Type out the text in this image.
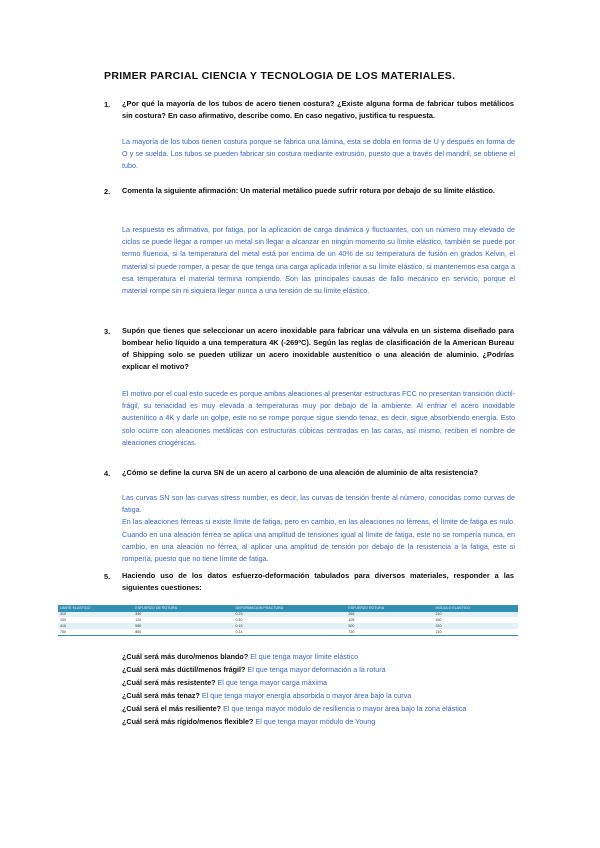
PRIMER PARCIAL CIENCIA Y TECNOLOGIA DE LOS MATERIALES.
1. ¿Por qué la mayoría de los tubos de acero tienen costura? ¿Existe alguna forma de fabricar tubos metálicos sin costura? En caso afirmativo, describe como. En caso negativo, justifica tu respuesta.
La mayoría de los tubos tienen costura porque se fabrica una lámina, esta se dobla en forma de U y después en forma de O y se suelda. Los tubos se pueden fabricar sin costura mediante extrusión, puesto que a través del mandril, se obtiene el tubo.
2. Comenta la siguiente afirmación: Un material metálico puede sufrir rotura por debajo de su límite elástico.
La respuesta es afirmativa, por fatiga, por la aplicación de carga dinámica y fluctuantes, con un número muy elevado de ciclos se puede llegar a romper un metal sin llegar a alcanzar en ningún momento su límite elástico, también se puede por termo fluencia, si la temperatura del metal está por encima de un 40% de su temperatura de fusión en grados Kelvin, el material si puede romper, a pesar de que tenga una carga aplicada inferior a su límite elástico, si mantenemos esa carga a esa temperatura el material termina rompiendo. Son las principales causas de fallo mecánico en servicio, porque el material rompe sin ni siquiera llegar nunca a una tensión de su límite elástico.
3. Supón que tienes que seleccionar un acero inoxidable para fabricar una válvula en un sistema diseñado para bombear helio líquido a una temperatura 4K (-269ºC). Según las reglas de clasificación de la American Bureau of Shipping solo se pueden utilizar un acero inoxidable austenítico o una aleación de aluminio. ¿Podrías explicar el motivo?
El motivo por el cual esto sucede es porque ambas aleaciones al presentar estructuras FCC no presentan transición dúctil-frágil, su tenacidad es muy elevada a temperaturas muy por debajo de la ambiente. Al enfriar el acero inoxidable austenítico a 4K y darle un golpe, este no se rompe porque sigue siendo tenaz, es decir, sigue absorbiendo energía. Esto solo ocurre con aleaciones metálicas con estructuras cúbicas centradas en las caras, así mismo, reciben el nombre de aleaciones criogénicas.
4. ¿Cómo se define la curva SN de un acero al carbono de una aleación de aluminio de alta resistencia?

Las curvas SN son las curvas stress number, es decir, las curvas de tensión frente al número, conocidas como curvas de fatiga.

En las aleaciones férreas si existe límite de fatiga, pero en cambio, en las aleaciones no férreas, el límite de fatiga es nulo. Cuando en una aleación férrea se aplica una amplitud de tensiones igual al límite de fatiga, este no se rompería nunca, en cambio, en una aleación no férrea, al aplicar una amplitud de tensión por debajo de la resistencia a la fatiga, este si rompería, puesto que no tiene límite de fatiga.

5. Haciendo uso de los datos esfuerzo-deformación tabulados para diversos materiales, responder a las siguientes cuestiones:
LIMITE ELASTICO	ESFUERZO DE ROTURA	DEFORMACION FRACTURA	ESFUERZO ROTURA	MODULO ELASTICO
310	340	0.23	265	210
100	120	0.40	105	150
415	550	0.15	500	310
700	850	0.14	720	210
¿Cuál será más duro/menos blando? El que tenga mayor límite elástico
¿Cuál será más dúctil/menos frágil? El que tenga mayor deformación a la rotura
¿Cuál será más resistente? El que tenga mayor carga máxima
¿Cuál será más tenaz? El que tenga mayor energía absorbida o mayor área bajo la curva
¿Cuál será el más resiliente? El que tenga mayor módulo de resiliencia o mayor área bajo la zona elástica
¿Cuál será más rígido/menos flexible? El que tenga mayor módulo de Young
